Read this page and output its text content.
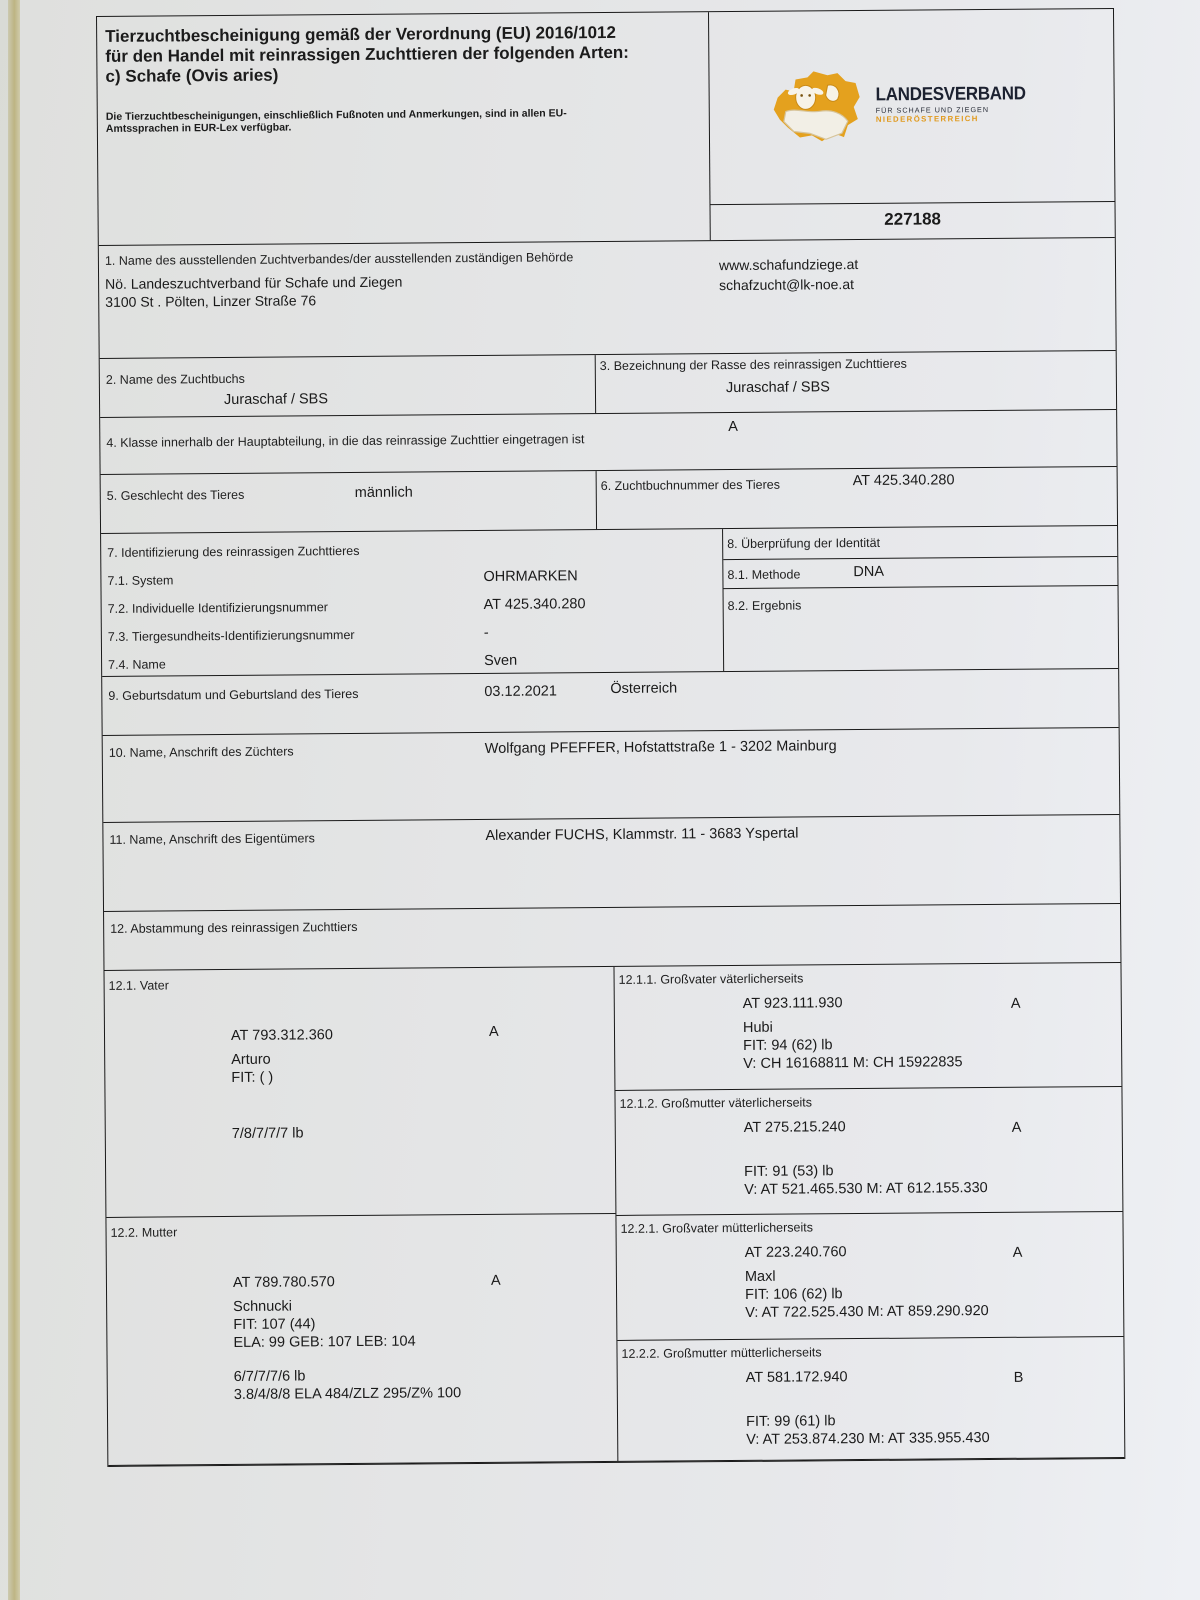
Tierzuchtbescheinigung gemäß der Verordnung (EU) 2016/1012
für den Handel mit reinrassigen Zuchttieren der folgenden Arten:
c) Schafe (Ovis aries)
Die Tierzuchtbescheinigungen, einschließlich Fußnoten und Anmerkungen, sind in allen EU-
Amtssprachen in EUR-Lex verfügbar.
LANDESVERBAND
FÜR SCHAFE UND ZIEGEN
NIEDERÖSTERREICH
227188
1. Name des ausstellenden Zuchtverbandes/der ausstellenden zuständigen Behörde
Nö. Landeszuchtverband für Schafe und Ziegen
3100 St . Pölten, Linzer Straße 76
www.schafundziege.at
schafzucht@lk-noe.at
2. Name des Zuchtbuchs
Juraschaf / SBS
3. Bezeichnung der Rasse des reinrassigen Zuchttieres
Juraschaf / SBS
4. Klasse innerhalb der Hauptabteilung, in die das reinrassige Zuchttier eingetragen ist
A
5. Geschlecht des Tieres	männlich	6. Zuchtbuchnummer des Tieres	AT 425.340.280
7. Identifizierung des reinrassigen Zuchttieres
7.1. System	OHRMARKEN
7.2. Individuelle Identifizierungsnummer	AT 425.340.280
7.3. Tiergesundheits-Identifizierungsnummer	-
7.4. Name	Sven
8. Überprüfung der Identität
8.1. Methode	DNA
8.2. Ergebnis
9. Geburtsdatum und Geburtsland des Tieres	03.12.2021	Österreich
10. Name, Anschrift des Züchters	Wolfgang PFEFFER, Hofstattstraße 1 - 3202 Mainburg
11. Name, Anschrift des Eigentümers	Alexander FUCHS, Klammstr. 11 - 3683 Yspertal
12. Abstammung des reinrassigen Zuchttiers
12.1. Vater
AT 793.312.360	A
Arturo
FIT: ( )
7/8/7/7/7 lb
12.2. Mutter
AT 789.780.570	A
Schnucki
FIT: 107 (44)
ELA: 99 GEB: 107 LEB: 104
6/7/7/7/6 lb
3.8/4/8/8 ELA 484/ZLZ 295/Z% 100
12.1.1. Großvater väterlicherseits
AT 923.111.930	A
Hubi
FIT: 94 (62) lb
V: CH 16168811 M: CH 15922835
12.1.2. Großmutter väterlicherseits
AT 275.215.240	A
FIT: 91 (53) lb
V: AT 521.465.530 M: AT 612.155.330
12.2.1. Großvater mütterlicherseits
AT 223.240.760	A
Maxl
FIT: 106 (62) lb
V: AT 722.525.430 M: AT 859.290.920
12.2.2. Großmutter mütterlicherseits
AT 581.172.940	B
FIT: 99 (61) lb
V: AT 253.874.230 M: AT 335.955.430
